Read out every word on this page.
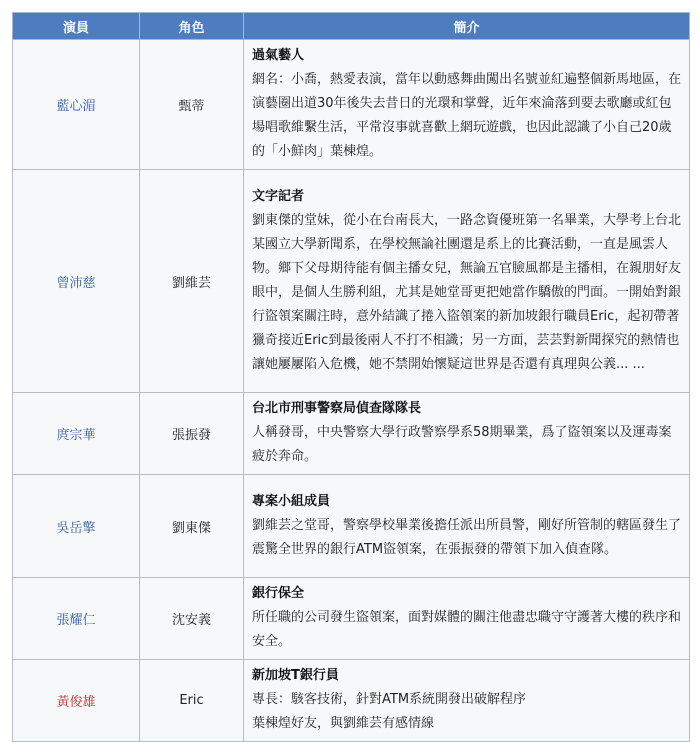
演員	角色	簡介
藍心湄	甄蒂	過氣藝人
網名：小喬，熱愛表演，當年以動感舞曲闖出名號並紅遍整個新馬地區，在演藝圈出道30年後失去昔日的光環和掌聲，近年來淪落到要去歌廳或紅包場唱歌維繫生活，平常沒事就喜歡上網玩遊戲，也因此認識了小自己20歲的「小鮮肉」葉棟煌。

曾沛慈	劉維芸	文字記者
劉東傑的堂妹，從小在台南長大，一路念資優班第一名畢業，大學考上台北某國立大學新聞系，在學校無論社團還是系上的比賽活動，一直是風雲人物。鄉下父母期待能有個主播女兒，無論五官臉風都是主播相，在親朋好友眼中，是個人生勝利組，尤其是她堂哥更把她當作驕傲的門面。一開始對銀行盜領案關注時，意外結識了捲入盜領案的新加坡銀行職員Eric，起初帶著獵奇接近Eric到最後兩人不打不相識；另一方面，芸芸對新聞探究的熱情也讓她屢屢陷入危機，她不禁開始懷疑這世界是否還有真理與公義... ...

庹宗華	張振發	台北市刑事警察局偵查隊隊長
人稱發哥，中央警察大學行政警察學系58期畢業，爲了盜領案以及運毒案疲於奔命。

吳岳擎	劉東傑	專案小組成員
劉維芸之堂哥，警察學校畢業後擔任派出所員警，剛好所管制的轄區發生了震驚全世界的銀行ATM盜領案，在張振發的帶領下加入偵查隊。

張耀仁	沈安義	銀行保全
所任職的公司發生盜領案，面對媒體的關注他盡忠職守守護著大樓的秩序和安全。

黃俊雄	Eric	新加坡T銀行員
專長：駭客技術，針對ATM系統開發出破解程序
葉棟煌好友，與劉維芸有感情線
